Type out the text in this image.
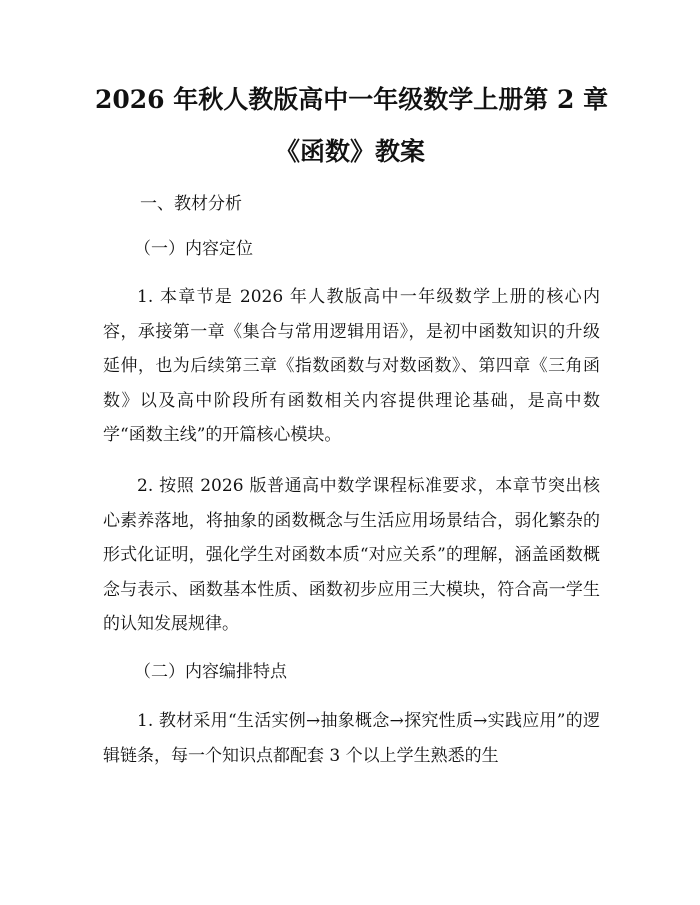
2026 年秋人教版高中一年级数学上册第 2 章
《函数》教案
一、教材分析
（一）内容定位
1. 本章节是 2026 年人教版高中一年级数学上册的核心内容，承接第一章《集合与常用逻辑用语》，是初中函数知识的升级延伸，也为后续第三章《指数函数与对数函数》、第四章《三角函数》以及高中阶段所有函数相关内容提供理论基础，是高中数学“函数主线”的开篇核心模块。
2. 按照 2026 版普通高中数学课程标准要求，本章节突出核心素养落地，将抽象的函数概念与生活应用场景结合，弱化繁杂的形式化证明，强化学生对函数本质“对应关系”的理解，涵盖函数概念与表示、函数基本性质、函数初步应用三大模块，符合高一学生的认知发展规律。
（二）内容编排特点
1. 教材采用“生活实例→抽象概念→探究性质→实践应用”的逻辑链条，每一个知识点都配套 3 个以上学生熟悉的生
